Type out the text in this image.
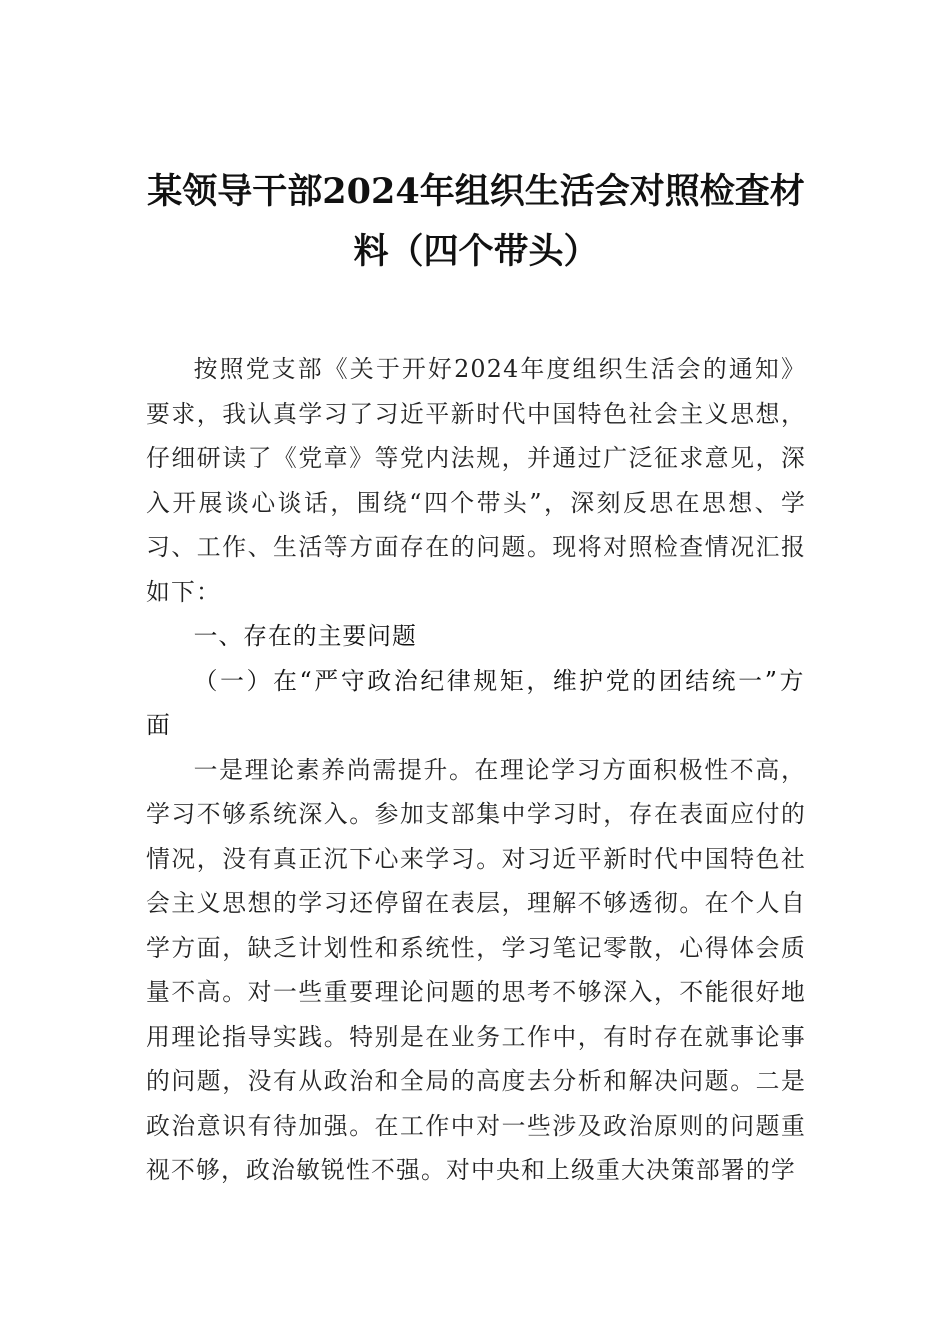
某领导干部2024年组织生活会对照检查材
料（四个带头）

按照党支部《关于开好2024年度组织生活会的通知》要求，我认真学习了习近平新时代中国特色社会主义思想，仔细研读了《党章》等党内法规，并通过广泛征求意见，深入开展谈心谈话，围绕“四个带头”，深刻反思在思想、学习、工作、生活等方面存在的问题。现将对照检查情况汇报如下：

一、存在的主要问题

（一）在“严守政治纪律规矩，维护党的团结统一”方面

一是理论素养尚需提升。在理论学习方面积极性不高，学习不够系统深入。参加支部集中学习时，存在表面应付的情况，没有真正沉下心来学习。对习近平新时代中国特色社会主义思想的学习还停留在表层，理解不够透彻。在个人自学方面，缺乏计划性和系统性，学习笔记零散，心得体会质量不高。对一些重要理论问题的思考不够深入，不能很好地用理论指导实践。特别是在业务工作中，有时存在就事论事的问题，没有从政治和全局的高度去分析和解决问题。二是政治意识有待加强。在工作中对一些涉及政治原则的问题重视不够，政治敏锐性不强。对中央和上级重大决策部署的学
